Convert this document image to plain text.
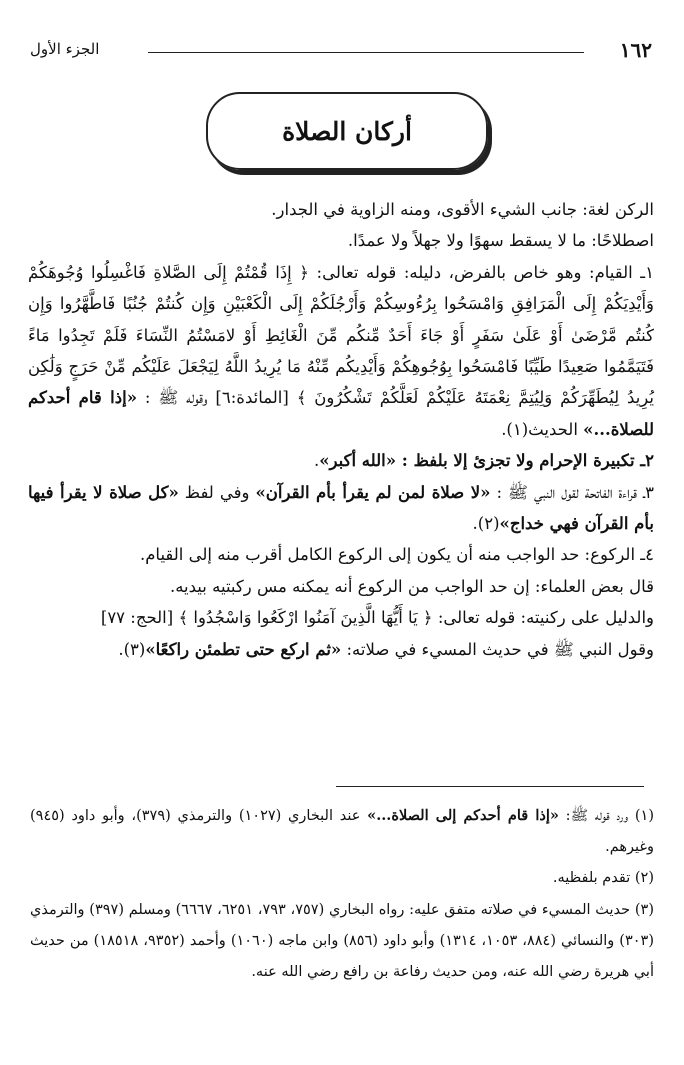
١٦٢
الجزء الأول
أركان الصلاة

الركن لغة: جانب الشيء الأقوى، ومنه الزاوية في الجدار.

اصطلاحًا: ما لا يسقط سهوًا ولا جهلاً ولا عمدًا.

١ـ القيام: وهو خاص بالفرض، دليله: قوله تعالى: ﴿ إِذَا قُمْتُمْ إِلَى الصَّلاةِ فَاغْسِلُوا وُجُوهَكُمْ وَأَيْدِيَكُمْ إِلَى الْمَرَافِقِ وَامْسَحُوا بِرُءُوسِكُمْ وَأَرْجُلَكُمْ إِلَى الْكَعْبَيْنِ وَإِن كُنتُمْ جُنُبًا فَاطَّهَّرُوا وَإِن كُنتُم مَّرْضَىٰ أَوْ عَلَىٰ سَفَرٍ أَوْ جَاءَ أَحَدٌ مِّنكُم مِّنَ الْغَائِطِ أَوْ لامَسْتُمُ النِّسَاءَ فَلَمْ تَجِدُوا مَاءً فَتَيَمَّمُوا صَعِيدًا طَيِّبًا فَامْسَحُوا بِوُجُوهِكُمْ وَأَيْدِيكُم مِّنْهُ مَا يُرِيدُ اللَّهُ لِيَجْعَلَ عَلَيْكُم مِّنْ حَرَجٍ وَلَٰكِن يُرِيدُ لِيُطَهِّرَكُمْ وَلِيُتِمَّ نِعْمَتَهُ عَلَيْكُمْ لَعَلَّكُمْ تَشْكُرُونَ ﴾ [المائدة:٦] وقوله ﷺ : «إذا قام أحدكم للصلاة...» الحديث(١).

٢ـ تكبيرة الإحرام ولا تجزئ إلا بلفظ : «الله أكبر».

٣ـ قراءة الفاتحة لقول النبي ﷺ : «لا صلاة لمن لم يقرأ بأم القرآن» وفي لفظ «كل صلاة لا يقرأ فيها بأم القرآن فهي خداج»(٢).

٤ـ الركوع: حد الواجب منه أن يكون إلى الركوع الكامل أقرب منه إلى القيام.

قال بعض العلماء: إن حد الواجب من الركوع أنه يمكنه مس ركبتيه بيديه.

والدليل على ركنيته: قوله تعالى: ﴿ يَا أَيُّهَا الَّذِينَ آمَنُوا ارْكَعُوا وَاسْجُدُوا ﴾ [الحج: ٧٧]

وقول النبي ﷺ في حديث المسيء في صلاته: «ثم اركع حتى تطمئن راكعًا»(٣).

(١) ورد قوله ﷺ: «إذا قام أحدكم إلى الصلاة...» عند البخاري (١٠٢٧) والترمذي (٣٧٩)، وأبو داود (٩٤٥) وغيرهم.

(٢) تقدم بلفظيه.

(٣) حديث المسيء في صلاته متفق عليه: رواه البخاري (٧٥٧، ٧٩٣، ٦٢٥١، ٦٦٦٧) ومسلم (٣٩٧) والترمذي (٣٠٣) والنسائي (٨٨٤، ١٠٥٣، ١٣١٤) وأبو داود (٨٥٦) وابن ماجه (١٠٦٠) وأحمد (٩٣٥٢، ١٨٥١٨) من حديث أبي هريرة رضي الله عنه، ومن حديث رفاعة بن رافع رضي الله عنه.
